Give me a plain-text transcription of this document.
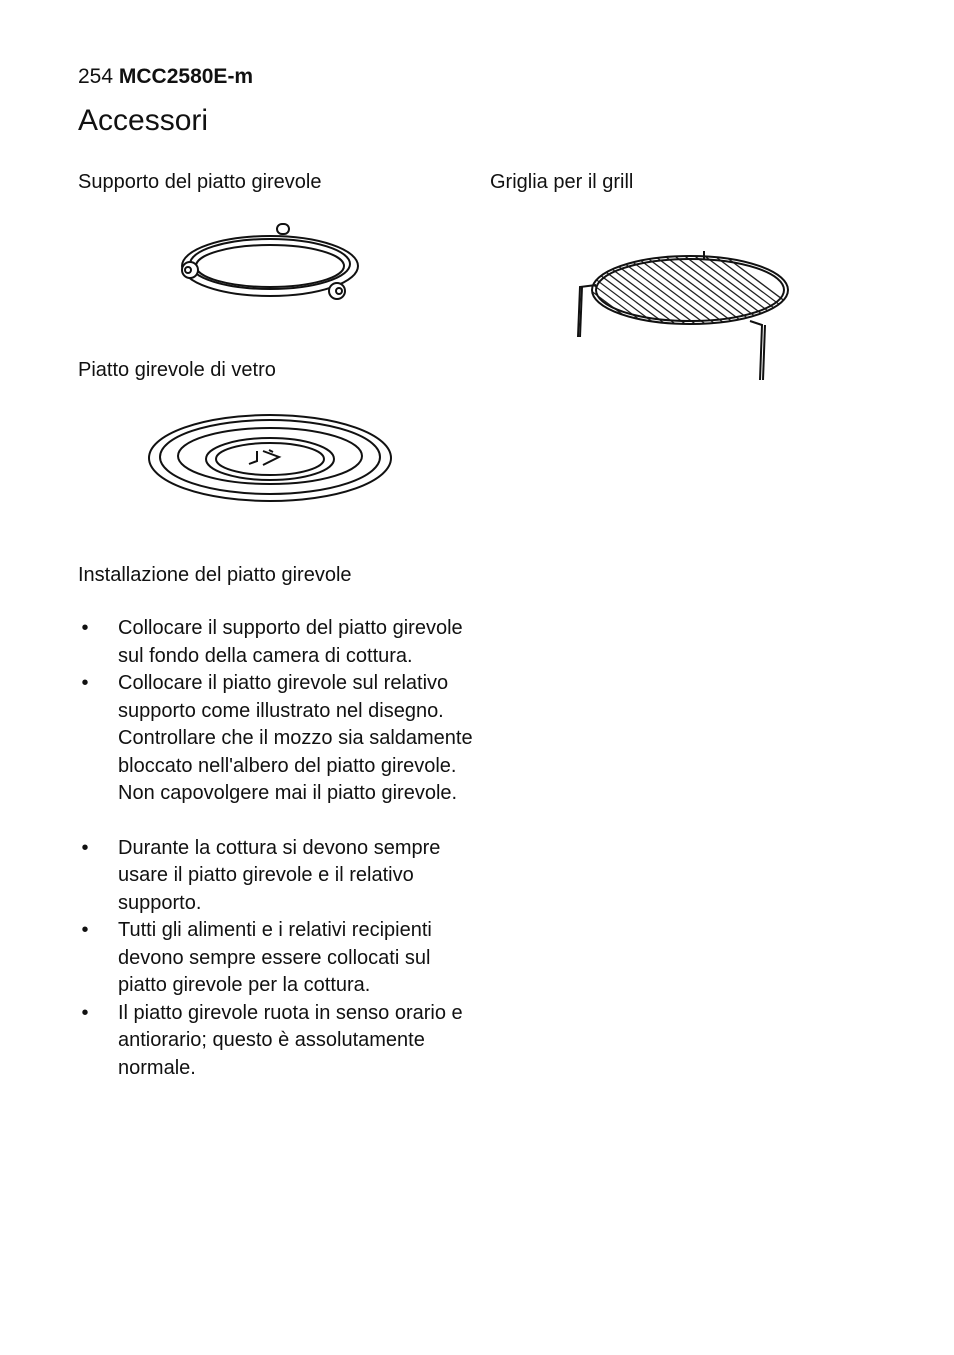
254 MCC2580E-m
Accessori
Supporto del piatto girevole	Griglia per il grill
Piatto girevole di vetro
Installazione del piatto girevole
• Collocare il supporto del piatto girevole sul fondo della camera di cottura.
• Collocare il piatto girevole sul relativo supporto come illustrato nel disegno. Controllare che il mozzo sia saldamente bloccato nell'albero del piatto girevole. Non capovolgere mai il piatto girevole.
• Durante la cottura si devono sempre usare il piatto girevole e il relativo supporto.
• Tutti gli alimenti e i relativi recipienti devono sempre essere collocati sul piatto girevole per la cottura.
• Il piatto girevole ruota in senso orario e antiorario; questo è assolutamente normale.
